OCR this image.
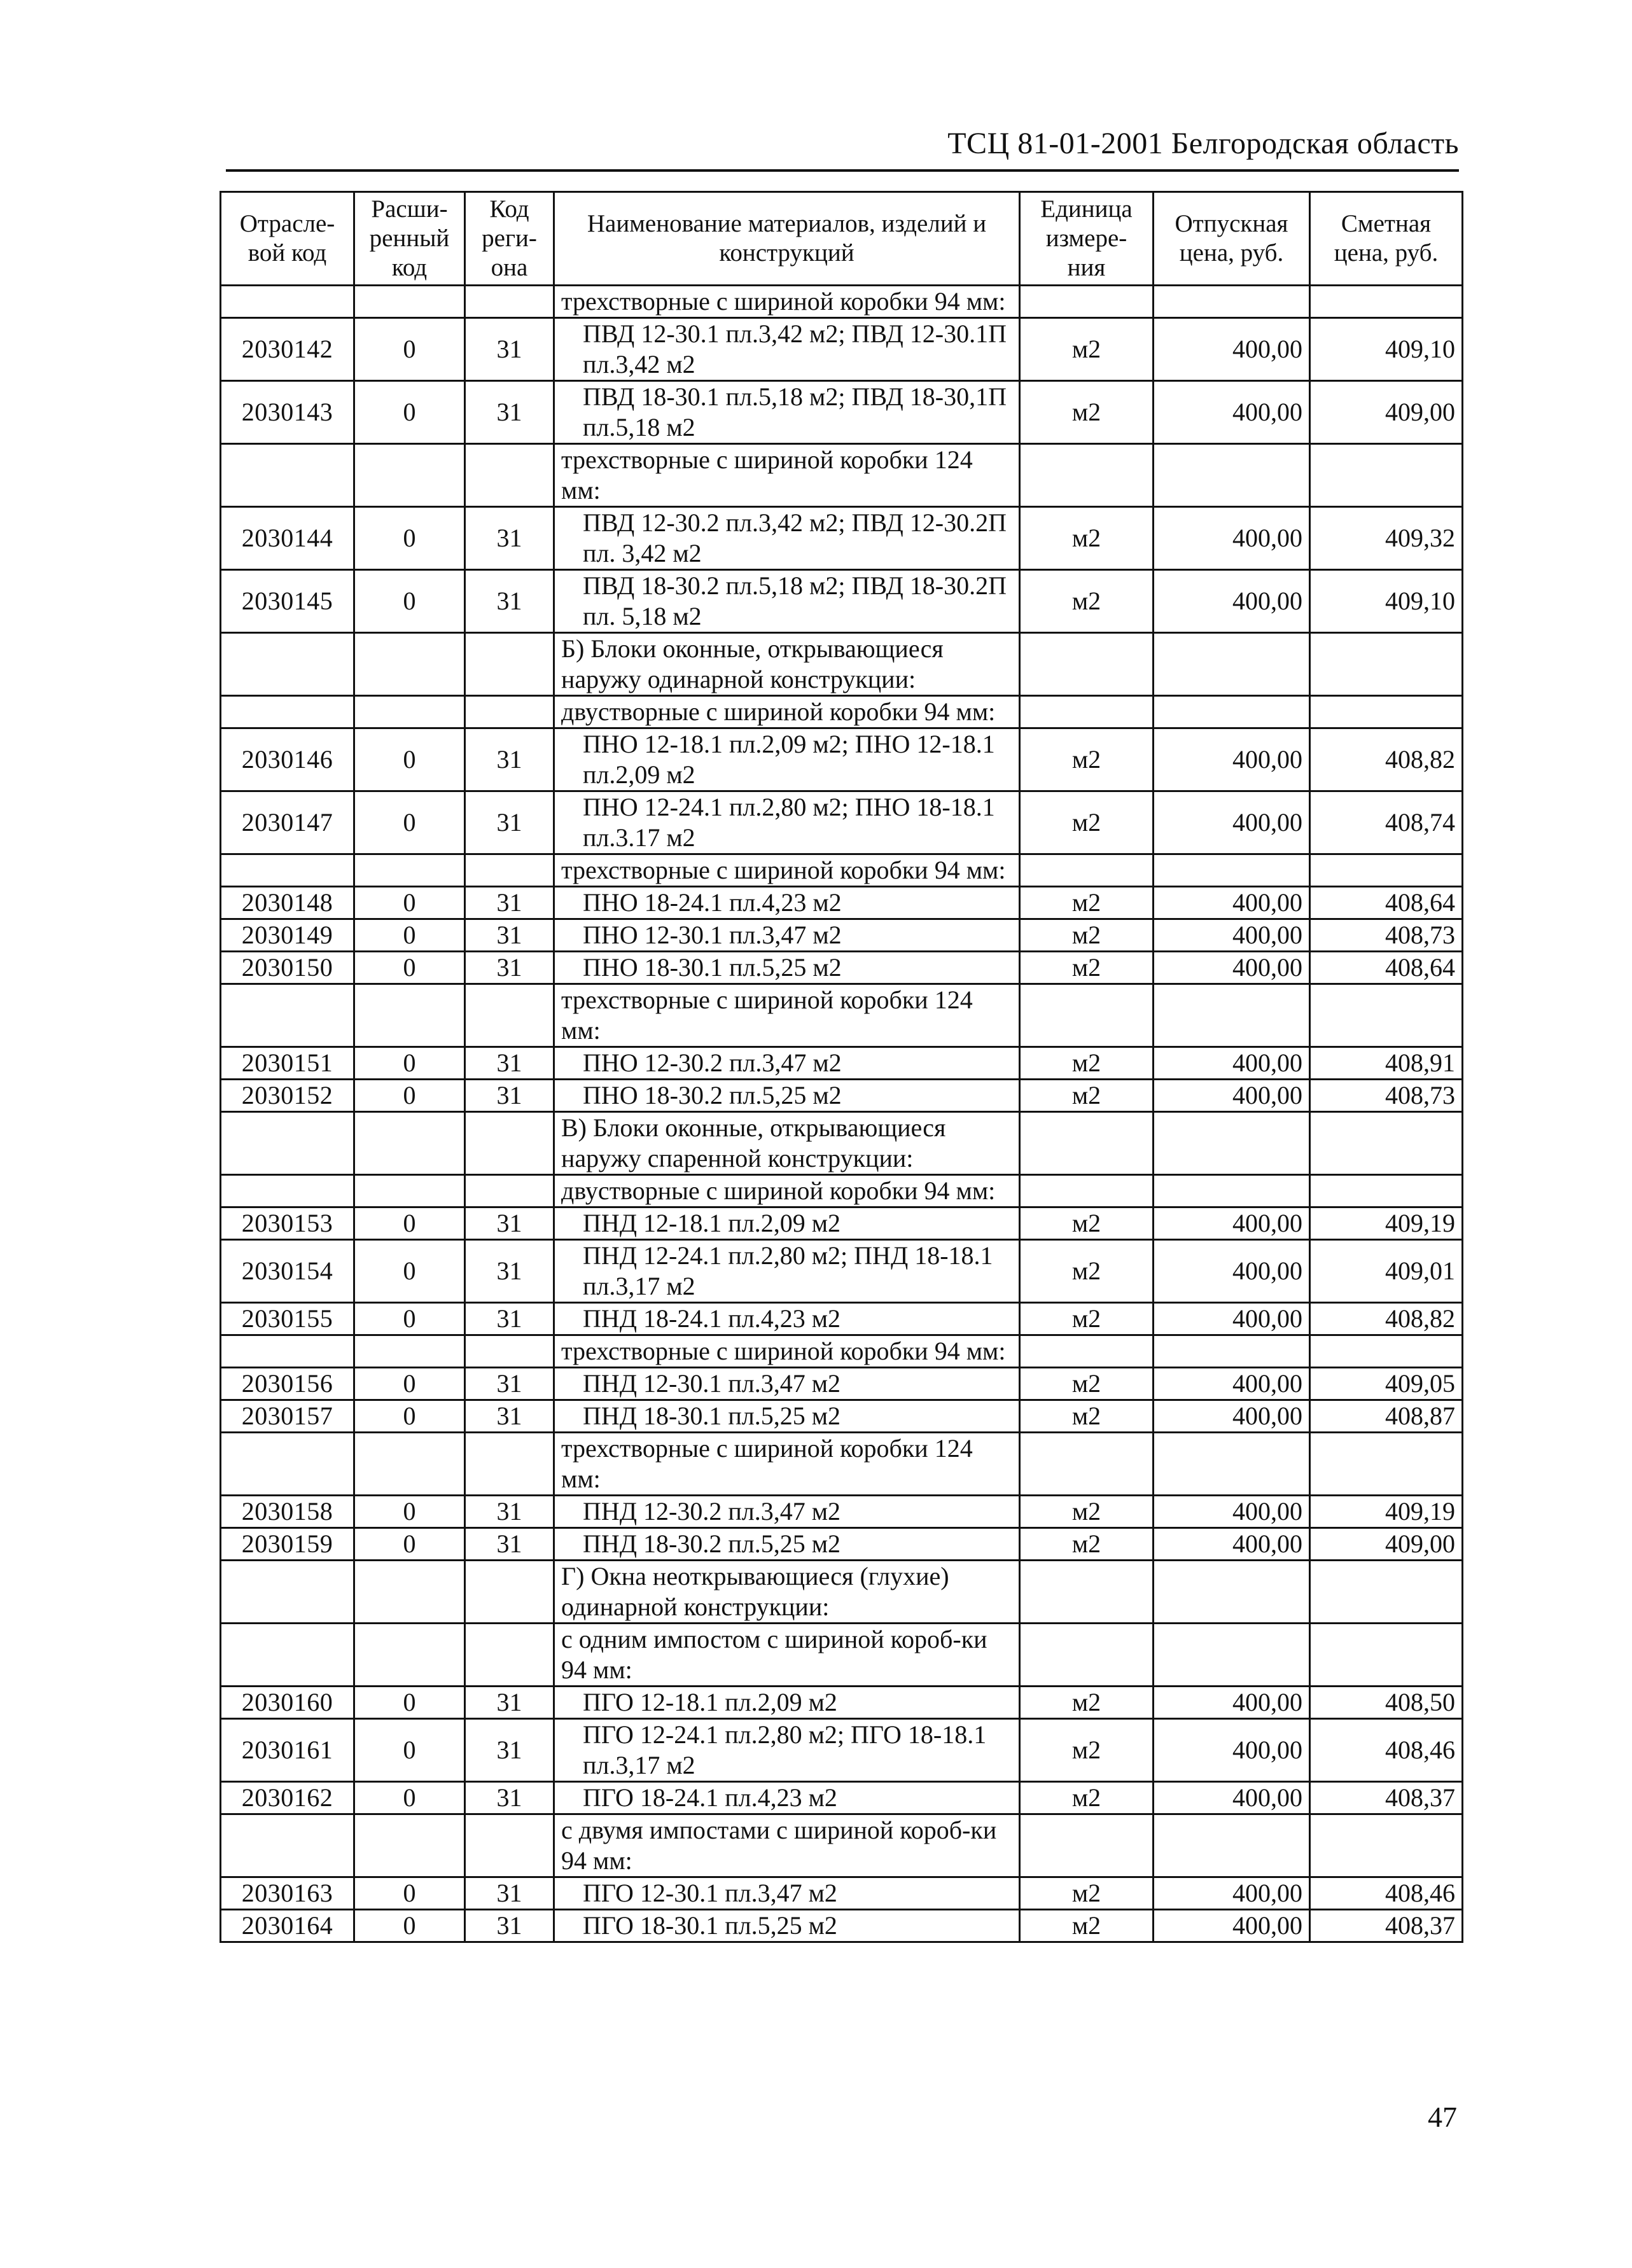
ТСЦ 81-01-2001 Белгородская область
Отрасле- вой код	Расши- ренный код	Код реги- она	Наименование материалов, изделий и конструкций	Единица измере- ния	Отпускная цена, руб.	Сметная цена, руб.
			трехстворные с шириной коробки 94 мм:			
2030142	0	31	ПВД 12-30.1 пл.3,42 м2; ПВД 12-30.1П пл.3,42 м2	м2	400,00	409,10
2030143	0	31	ПВД 18-30.1 пл.5,18 м2; ПВД 18-30,1П пл.5,18 м2	м2	400,00	409,00
			трехстворные с шириной коробки 124 мм:			
2030144	0	31	ПВД 12-30.2 пл.3,42 м2; ПВД 12-30.2П пл. 3,42 м2	м2	400,00	409,32
2030145	0	31	ПВД 18-30.2 пл.5,18 м2; ПВД 18-30.2П пл. 5,18 м2	м2	400,00	409,10
			Б) Блоки оконные, открывающиеся наружу одинарной конструкции:			
			двустворные с шириной коробки 94 мм:			
2030146	0	31	ПНО 12-18.1 пл.2,09 м2; ПНО 12-18.1 пл.2,09 м2	м2	400,00	408,82
2030147	0	31	ПНО 12-24.1 пл.2,80 м2; ПНО 18-18.1 пл.3.17 м2	м2	400,00	408,74
			трехстворные с шириной коробки 94 мм:			
2030148	0	31	ПНО 18-24.1 пл.4,23 м2	м2	400,00	408,64
2030149	0	31	ПНО 12-30.1 пл.3,47 м2	м2	400,00	408,73
2030150	0	31	ПНО 18-30.1 пл.5,25 м2	м2	400,00	408,64
			трехстворные с шириной коробки 124 мм:			
2030151	0	31	ПНО 12-30.2 пл.3,47 м2	м2	400,00	408,91
2030152	0	31	ПНО 18-30.2 пл.5,25 м2	м2	400,00	408,73
			В) Блоки оконные, открывающиеся наружу спаренной конструкции:			
			двустворные с шириной коробки 94 мм:			
2030153	0	31	ПНД 12-18.1 пл.2,09 м2	м2	400,00	409,19
2030154	0	31	ПНД 12-24.1 пл.2,80 м2; ПНД 18-18.1 пл.3,17 м2	м2	400,00	409,01
2030155	0	31	ПНД 18-24.1 пл.4,23 м2	м2	400,00	408,82
			трехстворные с шириной коробки 94 мм:			
2030156	0	31	ПНД 12-30.1 пл.3,47 м2	м2	400,00	409,05
2030157	0	31	ПНД 18-30.1 пл.5,25 м2	м2	400,00	408,87
			трехстворные с шириной коробки 124 мм:			
2030158	0	31	ПНД 12-30.2 пл.3,47 м2	м2	400,00	409,19
2030159	0	31	ПНД 18-30.2 пл.5,25 м2	м2	400,00	409,00
			Г) Окна неоткрывающиеся (глухие) одинарной конструкции:			
			с одним импостом с шириной короб-ки 94 мм:			
2030160	0	31	ПГО 12-18.1 пл.2,09 м2	м2	400,00	408,50
2030161	0	31	ПГО 12-24.1 пл.2,80 м2; ПГО 18-18.1 пл.3,17 м2	м2	400,00	408,46
2030162	0	31	ПГО 18-24.1 пл.4,23 м2	м2	400,00	408,37
			с двумя импостами с шириной короб-ки 94 мм:			
2030163	0	31	ПГО 12-30.1 пл.3,47 м2	м2	400,00	408,46
2030164	0	31	ПГО 18-30.1 пл.5,25 м2	м2	400,00	408,37
47
